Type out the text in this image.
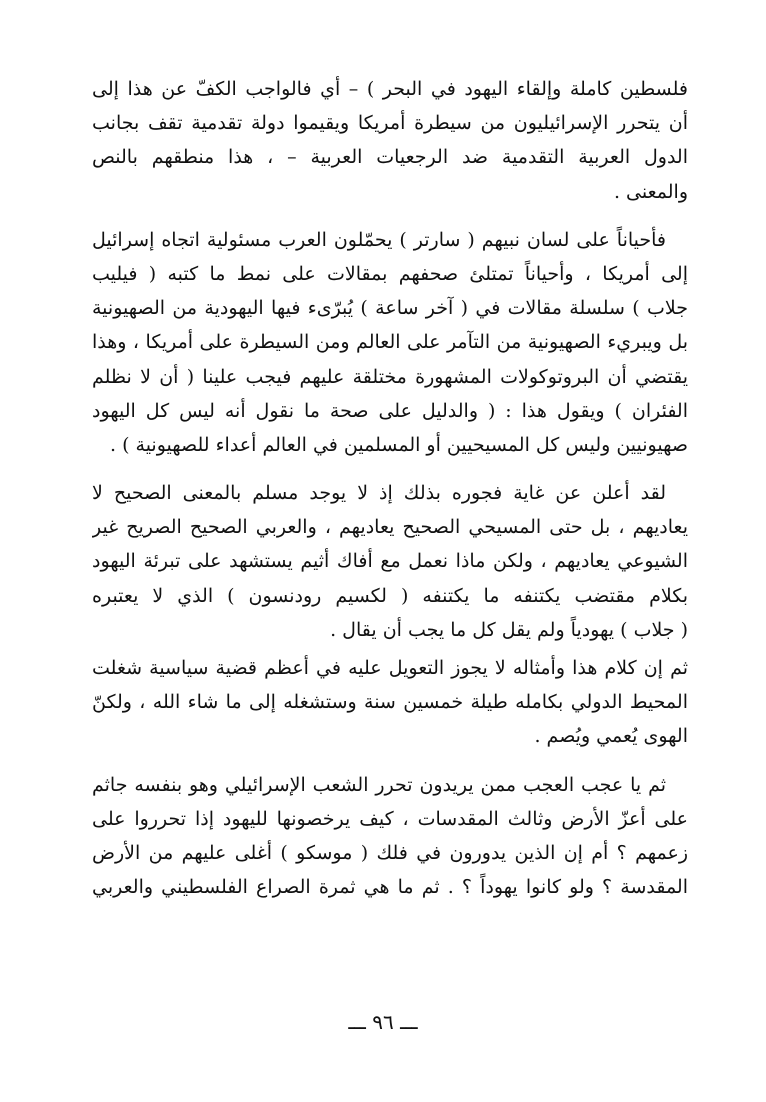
فلسطين كاملة وإلقاء اليهود في البحر ) – أي فالواجب الكفّ عن هذا إلى
أن يتحرر الإسرائيليون من سيطرة أمريكا ويقيموا دولة تقدمية تقف بجانب
الدول العربية التقدمية ضد الرجعيات العربية – ، هذا منطقهم بالنص
والمعنى .
فأحياناً على لسان نبيهم ( سارتر ) يحمّلون العرب مسئولية اتجاه إسرائيل
إلى أمريكا ، وأحياناً تمتلئ صحفهم بمقالات على نمط ما كتبه ( فيليب
جلاب ) سلسلة مقالات في ( آخر ساعة ) يُبرّىء فيها اليهودية من الصهيونية
بل ويبريء الصهيونية من التآمر على العالم ومن السيطرة على أمريكا ، وهذا
يقتضي أن البروتوكولات المشهورة مختلقة عليهم فيجب علينا ( أن لا نظلم
الفئران ) ويقول هذا : ( والدليل على صحة ما نقول أنه ليس كل اليهود
صهيونيين وليس كل المسيحيين أو المسلمين في العالم أعداء للصهيونية ) .
لقد أعلن عن غاية فجوره بذلك إذ لا يوجد مسلم بالمعنى الصحيح لا
يعاديهم ، بل حتى المسيحي الصحيح يعاديهم ، والعربي الصحيح الصريح غير
الشيوعي يعاديهم ، ولكن ماذا نعمل مع أفاك أثيم يستشهد على تبرئة اليهود
بكلام مقتضب يكتنفه ما يكتنفه ( لكسيم رودنسون ) الذي لا يعتبره
( جلاب ) يهودياً ولم يقل كل ما يجب أن يقال .
ثم إن كلام هذا وأمثاله لا يجوز التعويل عليه في أعظم قضية سياسية شغلت
المحيط الدولي بكامله طيلة خمسين سنة وستشغله إلى ما شاء الله ، ولكنّ
الهوى يُعمي ويُصم .
ثم يا عجب العجب ممن يريدون تحرر الشعب الإسرائيلي وهو بنفسه جاثم
على أعزّ الأرض وثالث المقدسات ، كيف يرخصونها لليهود إذا تحرروا على
زعمهم ؟ أم إن الذين يدورون في فلك ( موسكو ) أغلى عليهم من الأرض
المقدسة ؟ ولو كانوا يهوداً ؟ . ثم ما هي ثمرة الصراع الفلسطيني والعربي
ـــ ٩٦ ـــ
